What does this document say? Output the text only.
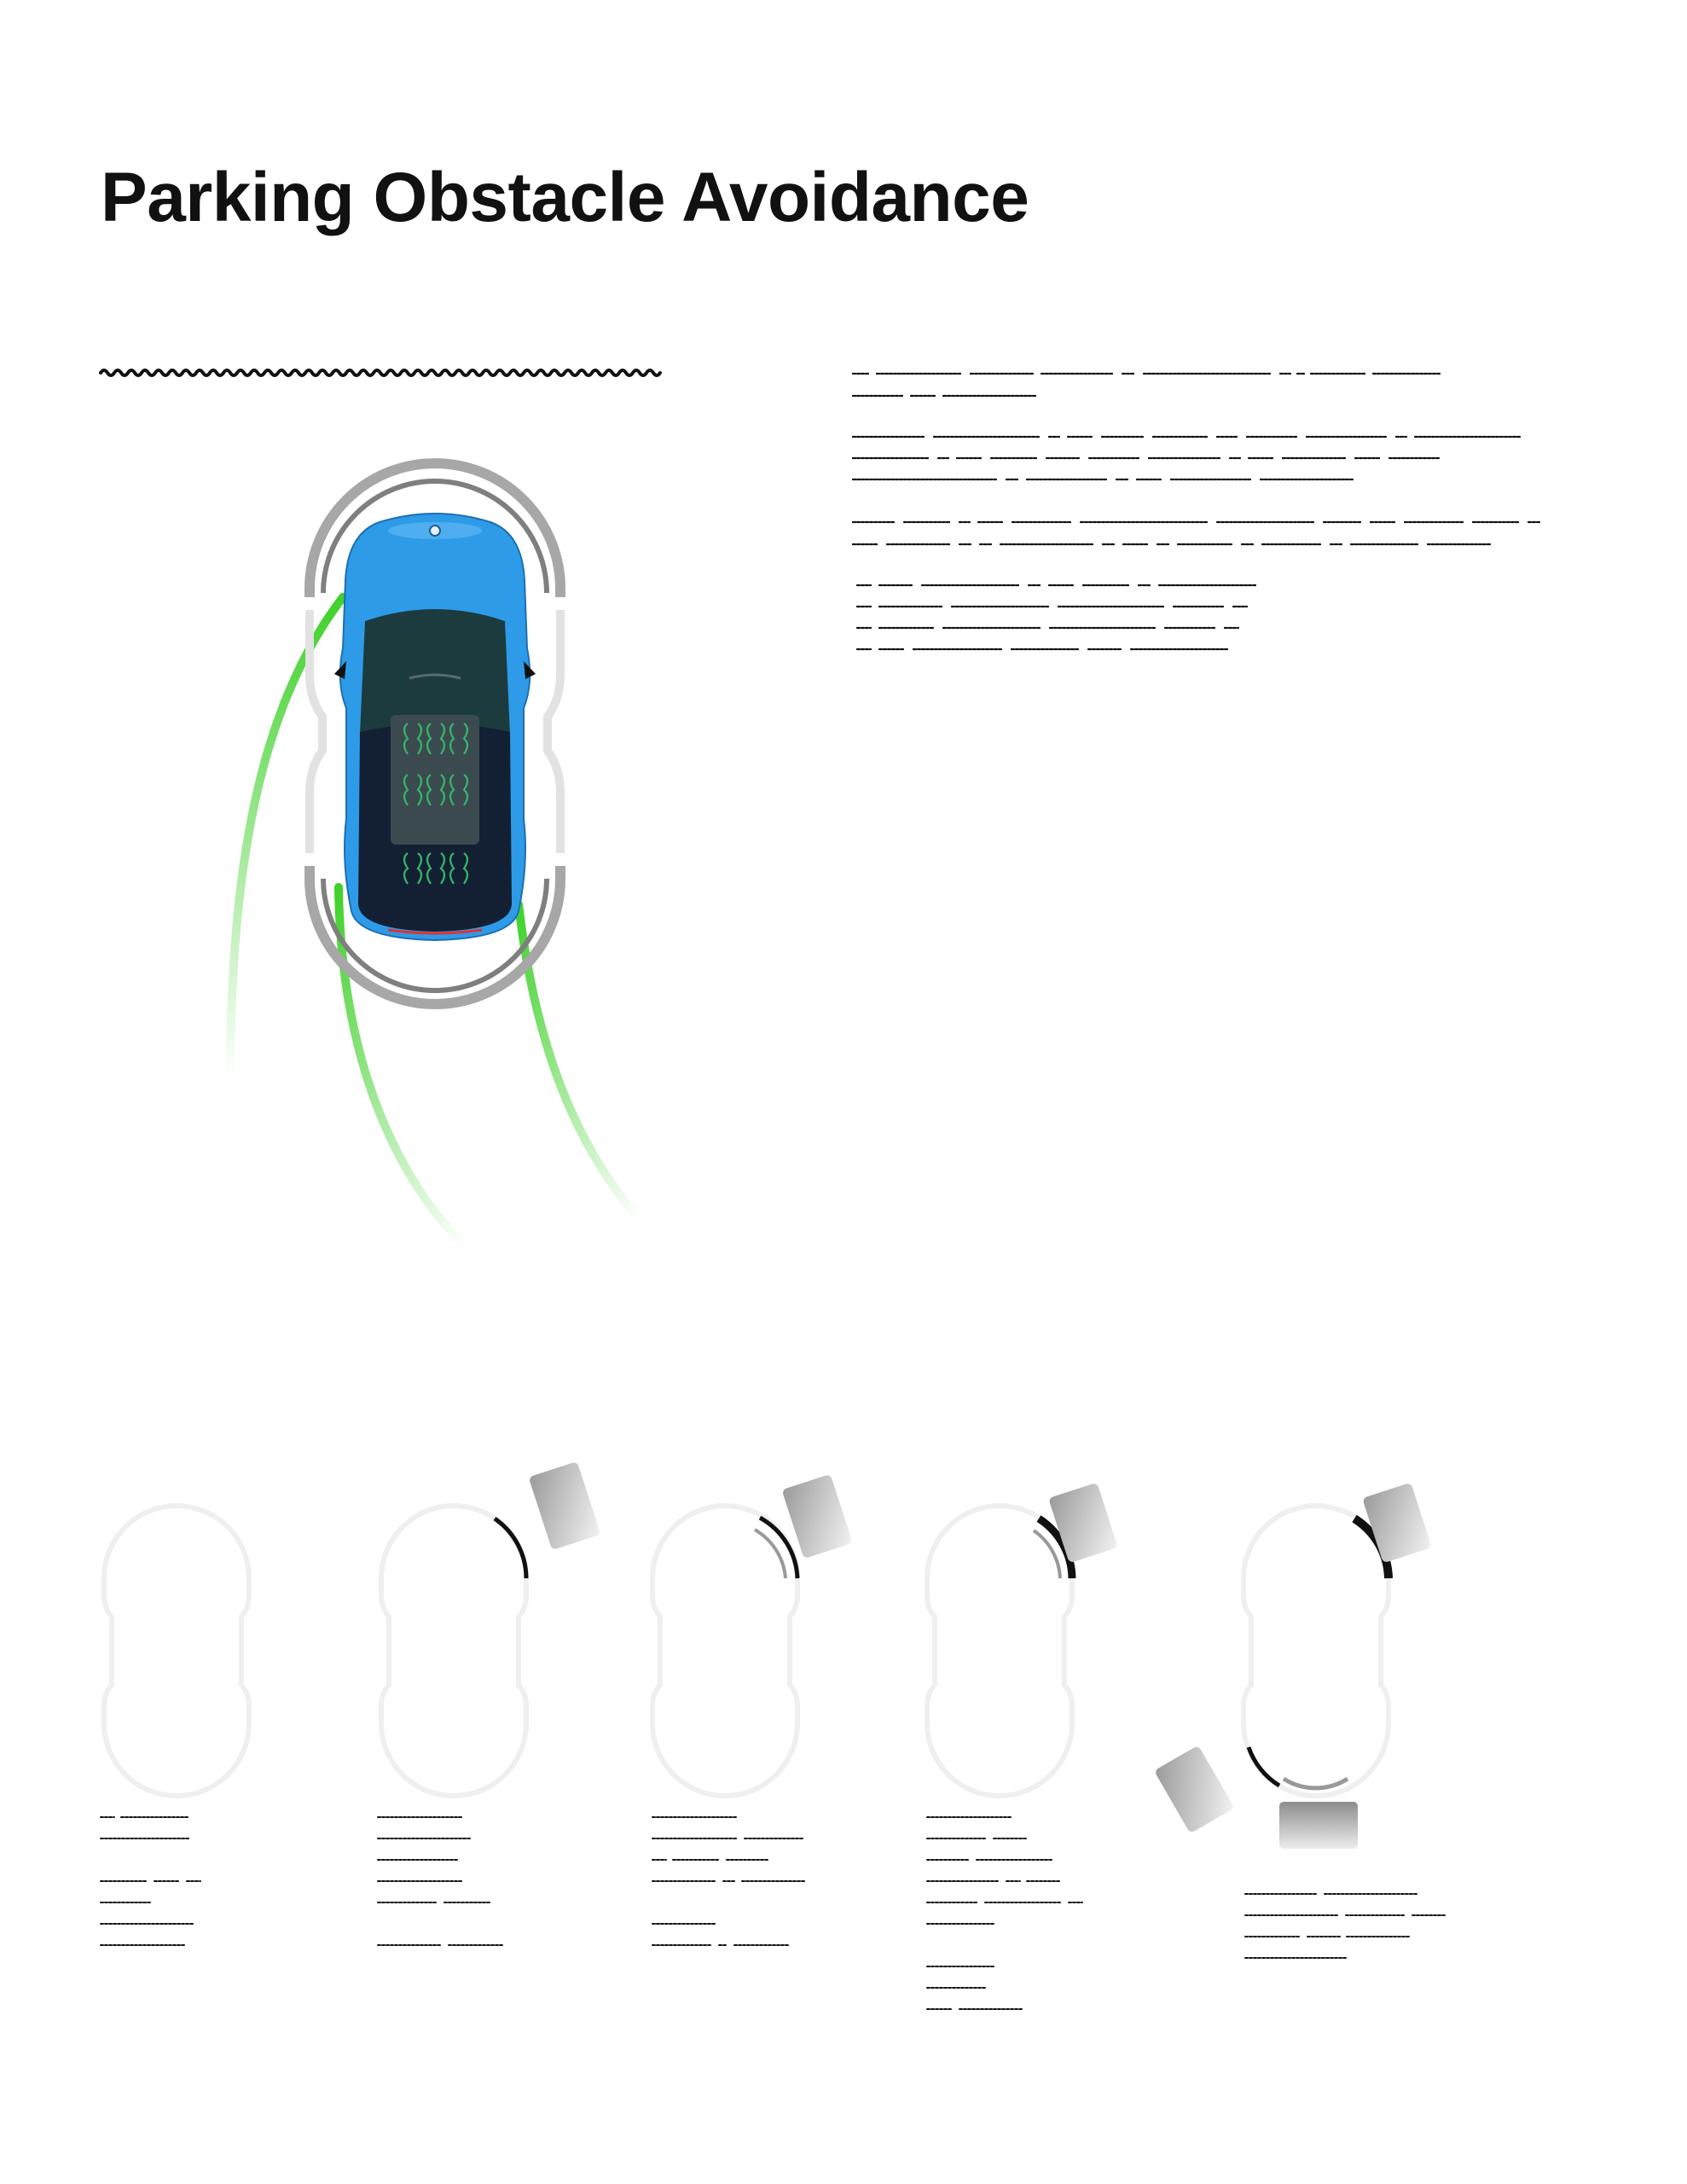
Parking Obstacle Avoidance
